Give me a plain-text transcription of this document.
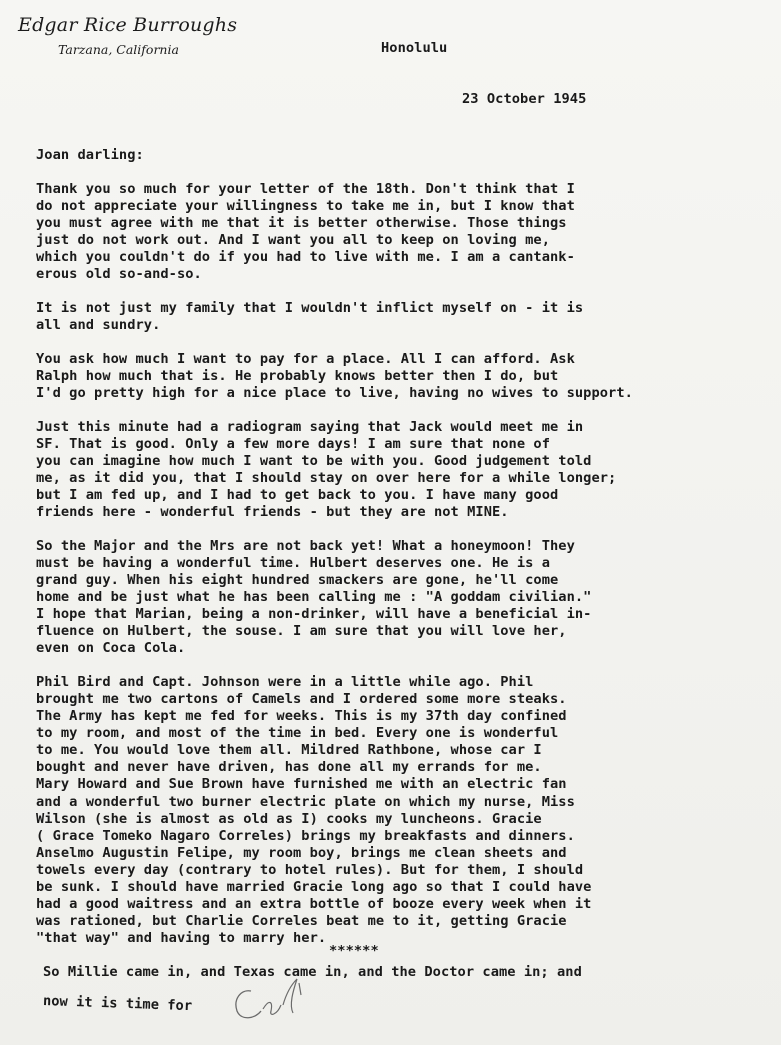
Edgar Rice Burroughs
Tarzana, California	Honolulu
23 October 1945
Joan darling:
Thank you so much for your letter of the 18th. Don't think that I
do not appreciate your willingness to take me in, but I know that
you must agree with me that it is better otherwise. Those things
just do not work out. And I want you all to keep on loving me,
which you couldn't do if you had to live with me. I am a cantank-
erous old so-and-so.
It is not just my family that I wouldn't inflict myself on - it is
all and sundry.
You ask how much I want to pay for a place. All I can afford. Ask
Ralph how much that is. He probably knows better then I do, but
I'd go pretty high for a nice place to live, having no wives to support.
Just this minute had a radiogram saying that Jack would meet me in
SF. That is good. Only a few more days! I am sure that none of
you can imagine how much I want to be with you. Good judgement told
me, as it did you, that I should stay on over here for a while longer;
but I am fed up, and I had to get back to you. I have many good
friends here - wonderful friends - but they are not MINE.
So the Major and the Mrs are not back yet! What a honeymoon! They
must be having a wonderful time. Hulbert deserves one. He is a
grand guy. When his eight hundred smackers are gone, he'll come
home and be just what he has been calling me : "A goddam civilian."
I hope that Marian, being a non-drinker, will have a beneficial in-
fluence on Hulbert, the souse. I am sure that you will love her,
even on Coca Cola.
Phil Bird and Capt. Johnson were in a little while ago. Phil
brought me two cartons of Camels and I ordered some more steaks.
The Army has kept me fed for weeks. This is my 37th day confined
to my room, and most of the time in bed. Every one is wonderful
to me. You would love them all. Mildred Rathbone, whose car I
bought and never have driven, has done all my errands for me.
Mary Howard and Sue Brown have furnished me with an electric fan
and a wonderful two burner electric plate on which my nurse, Miss
Wilson (she is almost as old as I) cooks my luncheons. Gracie
( Grace Tomeko Nagaro Correles) brings my breakfasts and dinners.
Anselmo Augustin Felipe, my room boy, brings me clean sheets and
towels every day (contrary to hotel rules). But for them, I should
be sunk. I should have married Gracie long ago so that I could have
had a good waitress and an extra bottle of booze every week when it
was rationed, but Charlie Correles beat me to it, getting Gracie
"that way" and having to marry her.
******
So Millie came in, and Texas came in, and the Doctor came in; and
now it is time for
